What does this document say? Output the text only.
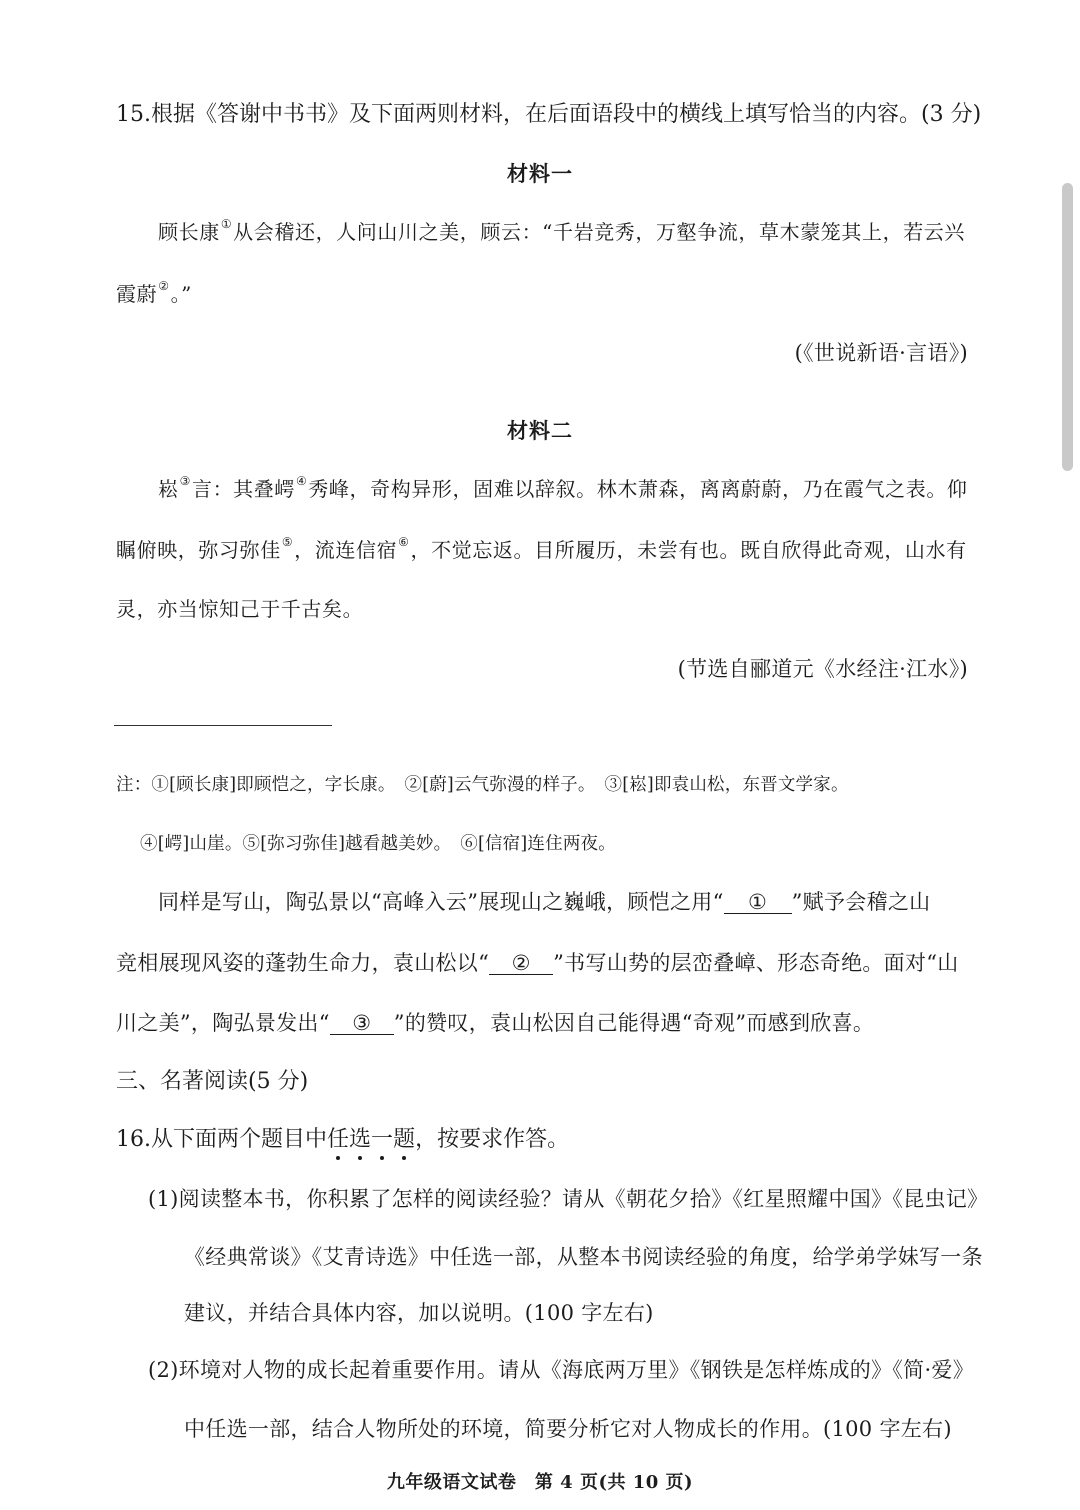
15.根据《答谢中书书》及下面两则材料，在后面语段中的横线上填写恰当的内容。(3 分)
材料一
顾长康①从会稽还，人问山川之美，顾云：“千岩竞秀，万壑争流，草木蒙笼其上，若云兴
霞蔚②。”
(《世说新语·言语》)
材料二
崧③言：其叠崿④秀峰，奇构异形，固难以辞叙。林木萧森，离离蔚蔚，乃在霞气之表。仰
瞩俯映，弥习弥佳⑤，流连信宿⑥，不觉忘返。目所履历，未尝有也。既自欣得此奇观，山水有
灵，亦当惊知己于千古矣。
(节选自郦道元《水经注·江水》)
注：①[顾长康]即顾恺之，字长康。　②[蔚]云气弥漫的样子。　③[崧]即袁山松，东晋文学家。
④[崿]山崖。⑤[弥习弥佳]越看越美妙。　⑥[信宿]连住两夜。
同样是写山，陶弘景以“高峰入云”展现山之巍峨，顾恺之用“ ① ”赋予会稽之山
竞相展现风姿的蓬勃生命力，袁山松以“ ② ”书写山势的层峦叠嶂、形态奇绝。面对“山
川之美”，陶弘景发出“ ③ ”的赞叹，袁山松因自己能得遇“奇观”而感到欣喜。
三、名著阅读(5 分)
16.从下面两个题目中任选一题，按要求作答。
(1)阅读整本书，你积累了怎样的阅读经验？请从《朝花夕拾》《红星照耀中国》《昆虫记》
《经典常谈》《艾青诗选》中任选一部，从整本书阅读经验的角度，给学弟学妹写一条
建议，并结合具体内容，加以说明。(100 字左右)
(2)环境对人物的成长起着重要作用。请从《海底两万里》《钢铁是怎样炼成的》《简·爱》
中任选一部，结合人物所处的环境，简要分析它对人物成长的作用。(100 字左右)
九年级语文试卷　第 4 页(共 10 页)
